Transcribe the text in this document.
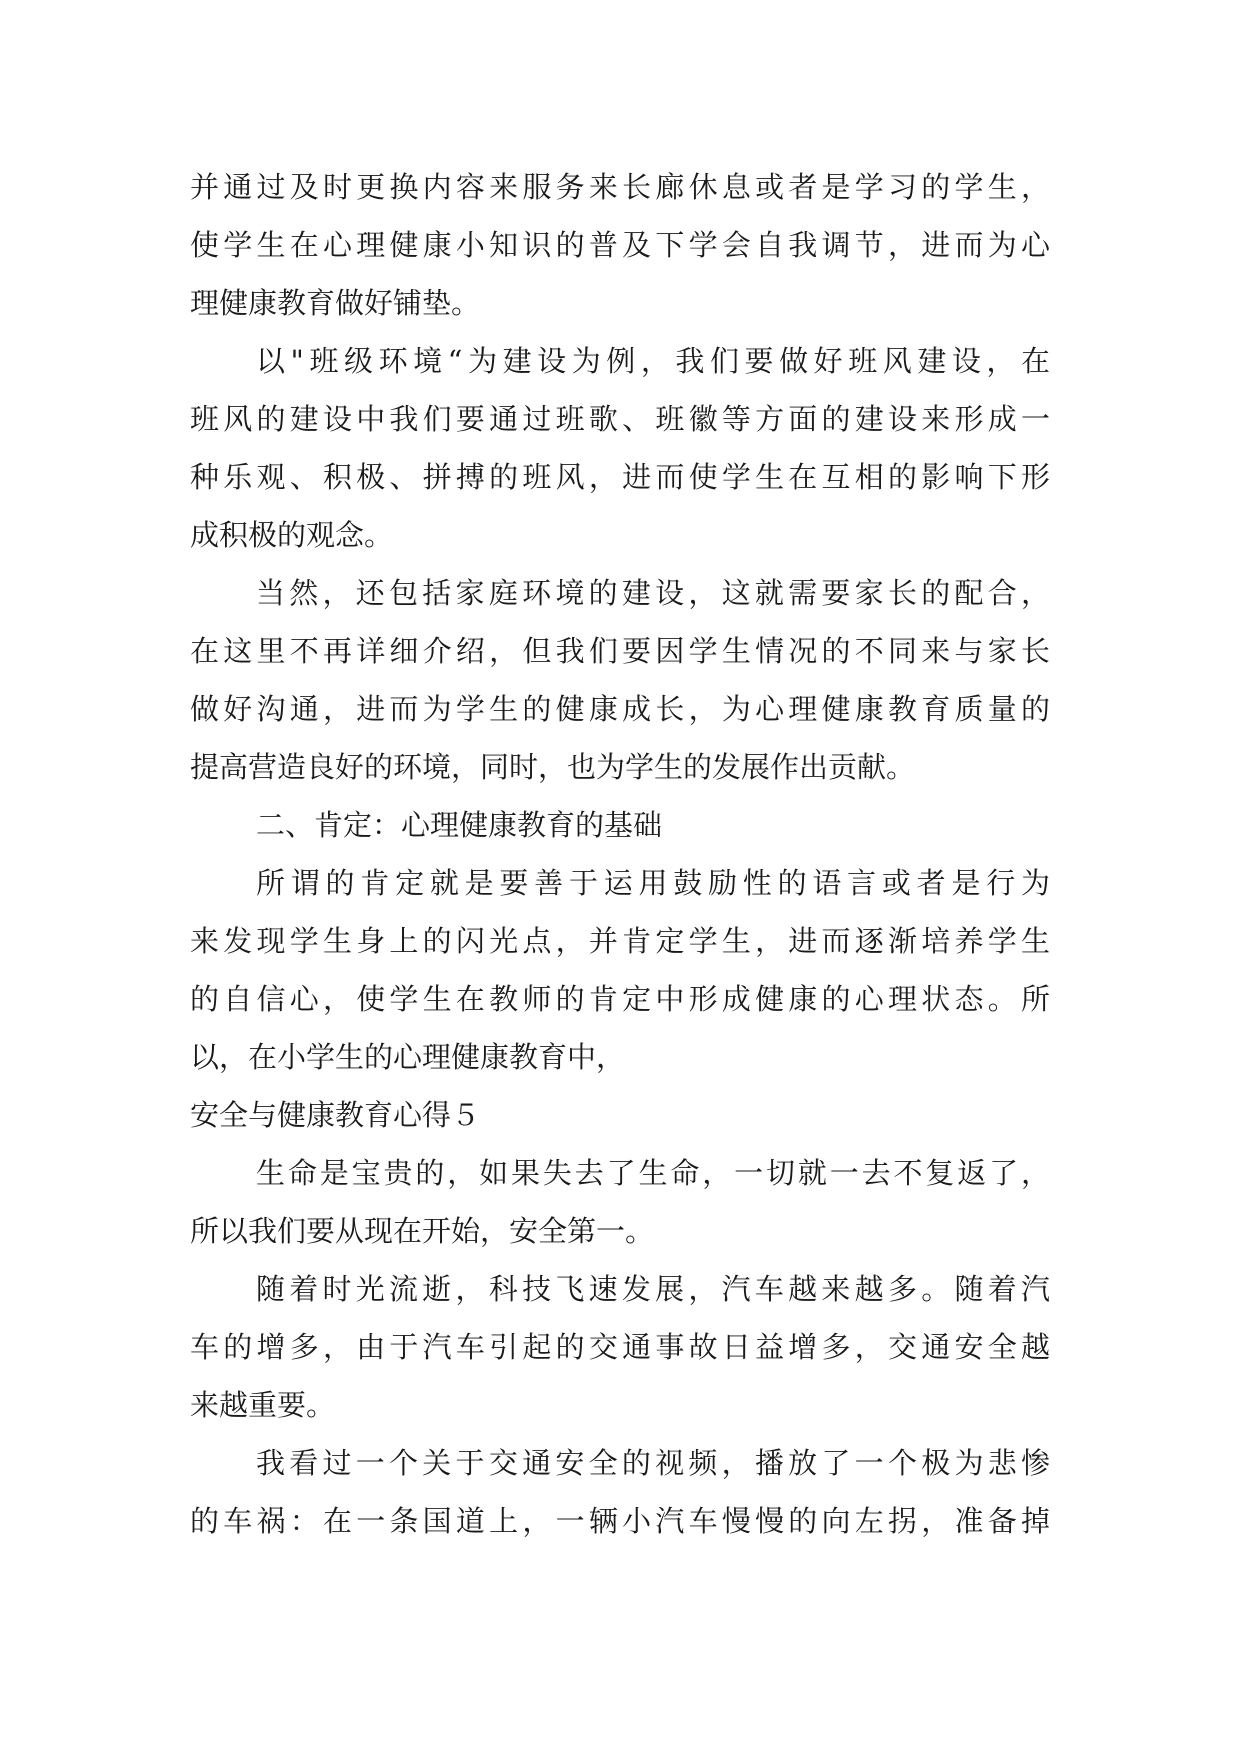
并通过及时更换内容来服务来长廊休息或者是学习的学生，
使学生在心理健康小知识的普及下学会自我调节，进而为心
理健康教育做好铺垫。
以"班级环境“为建设为例，我们要做好班风建设，在
班风的建设中我们要通过班歌、班徽等方面的建设来形成一
种乐观、积极、拼搏的班风，进而使学生在互相的影响下形
成积极的观念。
当然，还包括家庭环境的建设，这就需要家长的配合，
在这里不再详细介绍，但我们要因学生情况的不同来与家长
做好沟通，进而为学生的健康成长，为心理健康教育质量的
提高营造良好的环境，同时，也为学生的发展作出贡献。
二、肯定：心理健康教育的基础
所谓的肯定就是要善于运用鼓励性的语言或者是行为
来发现学生身上的闪光点，并肯定学生，进而逐渐培养学生
的自信心，使学生在教师的肯定中形成健康的心理状态。所
以，在小学生的心理健康教育中，
安全与健康教育心得５
生命是宝贵的，如果失去了生命，一切就一去不复返了，
所以我们要从现在开始，安全第一。
随着时光流逝，科技飞速发展，汽车越来越多。随着汽
车的增多，由于汽车引起的交通事故日益增多，交通安全越
来越重要。
我看过一个关于交通安全的视频，播放了一个极为悲惨
的车祸：在一条国道上，一辆小汽车慢慢的向左拐，准备掉
